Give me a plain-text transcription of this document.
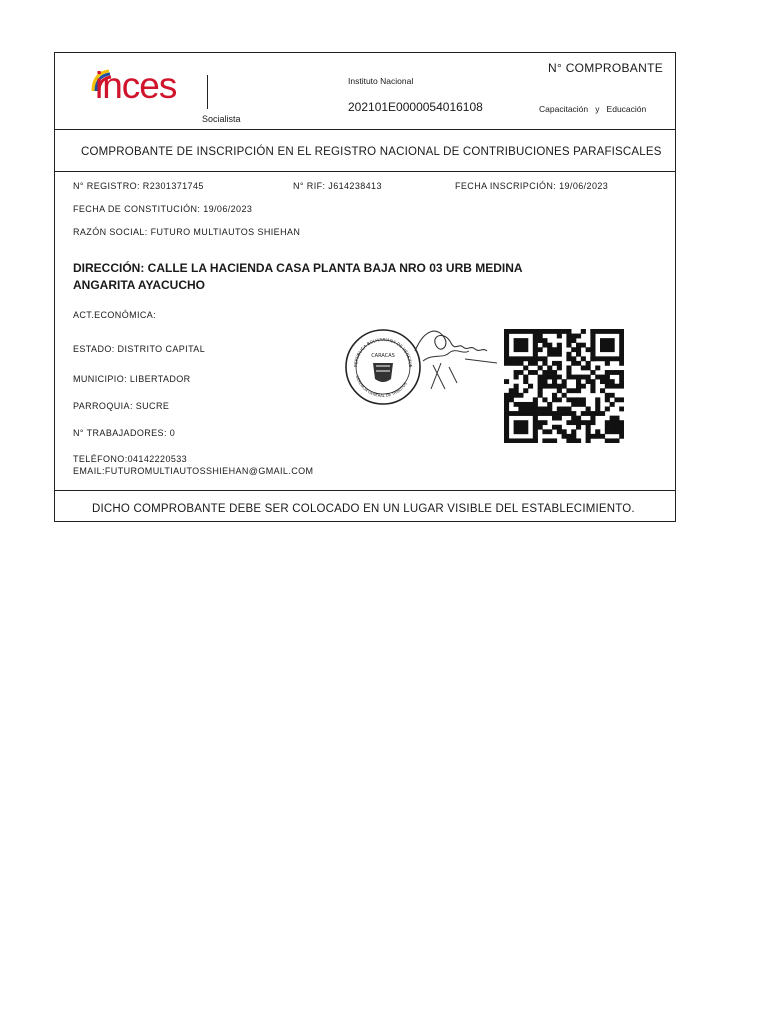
inces
Socialista
Instituto Nacional
202101E0000054016108
N° COMPROBANTE
Capacitación   y   Educación
COMPROBANTE DE INSCRIPCIÓN EN EL REGISTRO NACIONAL DE CONTRIBUCIONES PARAFISCALES
N° REGISTRO: R2301371745	N° RIF: J614238413	FECHA INSCRIPCIÓN: 19/06/2023
FECHA DE CONSTITUCIÓN: 19/06/2023
RAZÓN SOCIAL: FUTURO MULTIAUTOS SHIEHAN
DIRECCIÓN: CALLE LA HACIENDA CASA PLANTA BAJA NRO 03 URB MEDINA ANGARITA AYACUCHO
ACT.ECONÓMICA:
ESTADO: DISTRITO CAPITAL
MUNICIPIO: LIBERTADOR
PARROQUIA: SUCRE
N° TRABAJADORES: 0
TELÉFONO:04142220533
EMAIL:FUTUROMULTIAUTOSSHIEHAN@GMAIL.COM
REPÚBLICA BOLIVARIANA DE VENEZUE
CARACAS
GERENCIA GENERAL DE TRIBUTOS
DICHO COMPROBANTE DEBE SER COLOCADO EN UN LUGAR VISIBLE DEL ESTABLECIMIENTO.
